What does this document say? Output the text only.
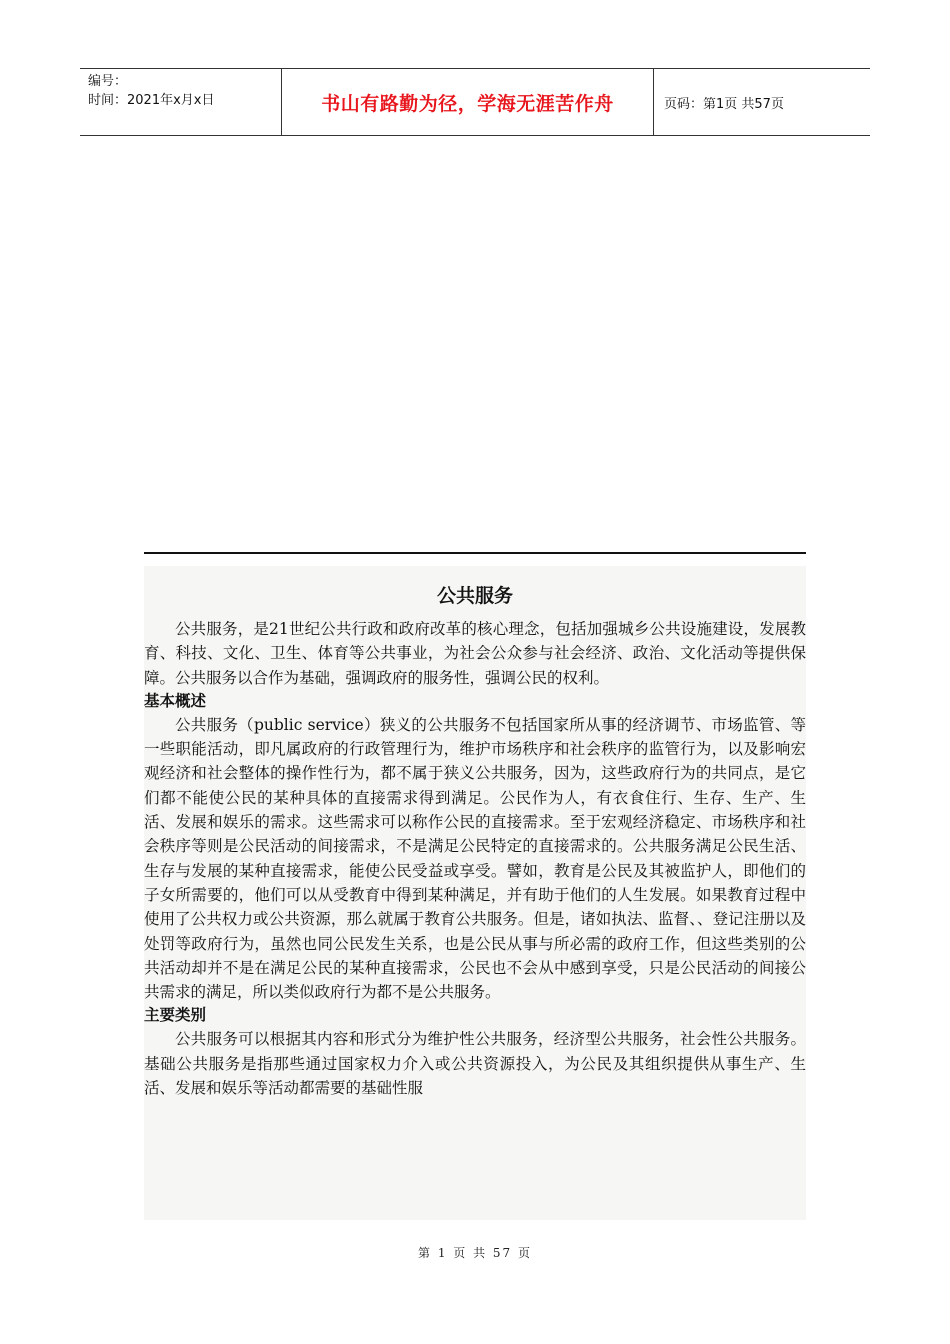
编号：
时间：2021年x月x日	书山有路勤为径，学海无涯苦作舟	页码：第1页 共57页
公共服务

公共服务，是21世纪公共行政和政府改革的核心理念，包括加强城乡公共设施建设，发展教育、科技、文化、卫生、体育等公共事业，为社会公众参与社会经济、政治、文化活动等提供保障。公共服务以合作为基础，强调政府的服务性，强调公民的权利。

基本概述

公共服务（public service）狭义的公共服务不包括国家所从事的经济调节、市场监管、等一些职能活动，即凡属政府的行政管理行为，维护市场秩序和社会秩序的监管行为，以及影响宏观经济和社会整体的操作性行为，都不属于狭义公共服务，因为，这些政府行为的共同点，是它们都不能使公民的某种具体的直接需求得到满足。公民作为人，有衣食住行、生存、生产、生活、发展和娱乐的需求。这些需求可以称作公民的直接需求。至于宏观经济稳定、市场秩序和社会秩序等则是公民活动的间接需求，不是满足公民特定的直接需求的。公共服务满足公民生活、生存与发展的某种直接需求，能使公民受益或享受。譬如，教育是公民及其被监护人，即他们的子女所需要的，他们可以从受教育中得到某种满足，并有助于他们的人生发展。如果教育过程中使用了公共权力或公共资源，那么就属于教育公共服务。但是，诸如执法、监督、、登记注册以及处罚等政府行为，虽然也同公民发生关系，也是公民从事与所必需的政府工作，但这些类别的公共活动却并不是在满足公民的某种直接需求，公民也不会从中感到享受，只是公民活动的间接公共需求的满足，所以类似政府行为都不是公共服务。

主要类别

公共服务可以根据其内容和形式分为维护性公共服务，经济型公共服务，社会性公共服务。基础公共服务是指那些通过国家权力介入或公共资源投入，为公民及其组织提供从事生产、生活、发展和娱乐等活动都需要的基础性服

第 1 页 共 57 页
